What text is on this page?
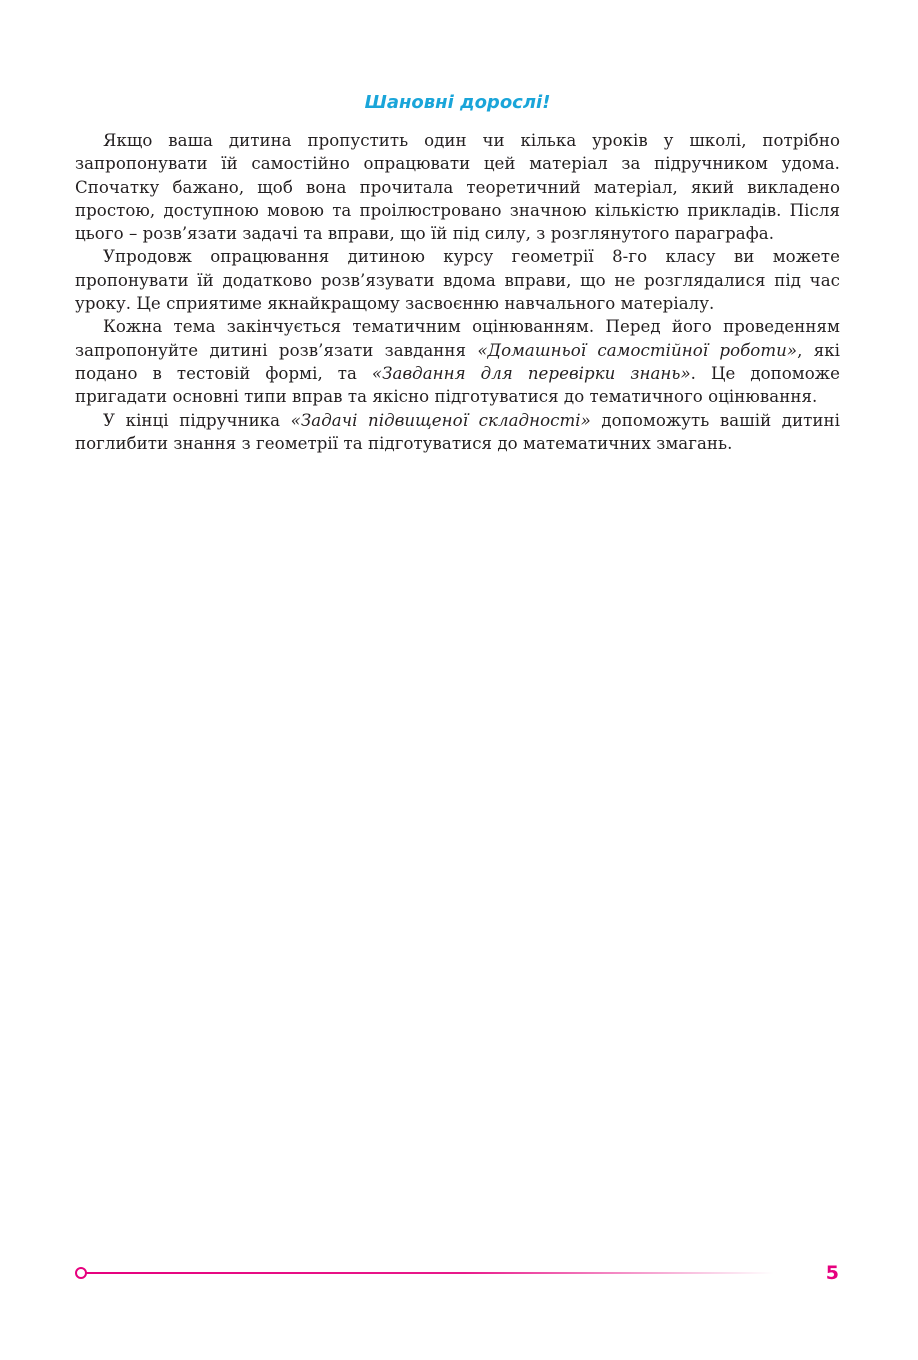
Шановні дорослі!

Якщо ваша дитина пропустить один чи кілька уроків у школі, потрібно запропонувати їй самостійно опрацювати цей матеріал за підручником удома. Спочатку бажано, щоб вона прочитала теоретичний матеріал, який викладено простою, доступною мовою та проілюстровано значною кількістю прикладів. Після цього – розв’язати задачі та вправи, що їй під силу, з розглянутого параграфа.

Упродовж опрацювання дитиною курсу геометрії 8-го класу ви можете пропонувати їй додатково розв’язувати вдома вправи, що не розглядалися під час уроку. Це сприятиме якнайкращому засвоєнню навчального матеріалу.

Кожна тема закінчується тематичним оцінюванням. Перед його проведенням запропонуйте дитині розв’язати завдання «Домашньої самостійної роботи», які подано в тестовій формі, та «Завдання для перевірки знань». Це допоможе пригадати основні типи вправ та якісно підготуватися до тематичного оцінювання.

У кінці підручника «Задачі підвищеної складності» допоможуть вашій дитині поглибити знання з геометрії та підготуватися до математичних змагань.

5
